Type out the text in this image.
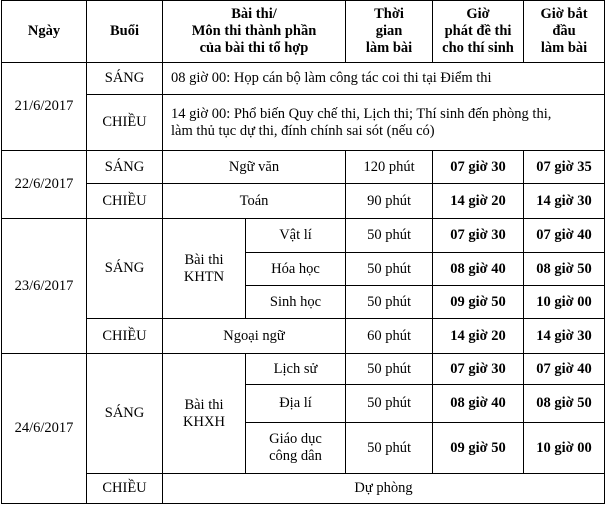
Ngày	Buổi	Bài thi/
Môn thi thành phần
của bài thi tổ hợp		Thời
gian
làm bài	Giờ
phát đề thi
cho thí sinh	Giờ bắt
đầu
làm bài
21/6/2017	SÁNG	08 giờ 00: Họp cán bộ làm công tác coi thi tại Điểm thi				
	CHIỀU	14 giờ 00: Phổ biến Quy chế thi, Lịch thi; Thí sinh đến phòng thi,
làm thủ tục dự thi, đính chính sai sót (nếu có)				
22/6/2017	SÁNG	Ngữ văn		120 phút	07 giờ 30	07 giờ 35
	CHIỀU	Toán		90 phút	14 giờ 20	14 giờ 30
23/6/2017	SÁNG	Bài thi
KHTN	Vật lí	50 phút	07 giờ 30	07 giờ 40
			Hóa học	50 phút	08 giờ 40	08 giờ 50
			Sinh học	50 phút	09 giờ 50	10 giờ 00
	CHIỀU	Ngoại ngữ		60 phút	14 giờ 20	14 giờ 30
24/6/2017	SÁNG	Bài thi
KHXH	Lịch sử	50 phút	07 giờ 30	07 giờ 40
			Địa lí	50 phút	08 giờ 40	08 giờ 50
			Giáo dục
công dân	50 phút	09 giờ 50	10 giờ 00
	CHIỀU	Dự phòng				
